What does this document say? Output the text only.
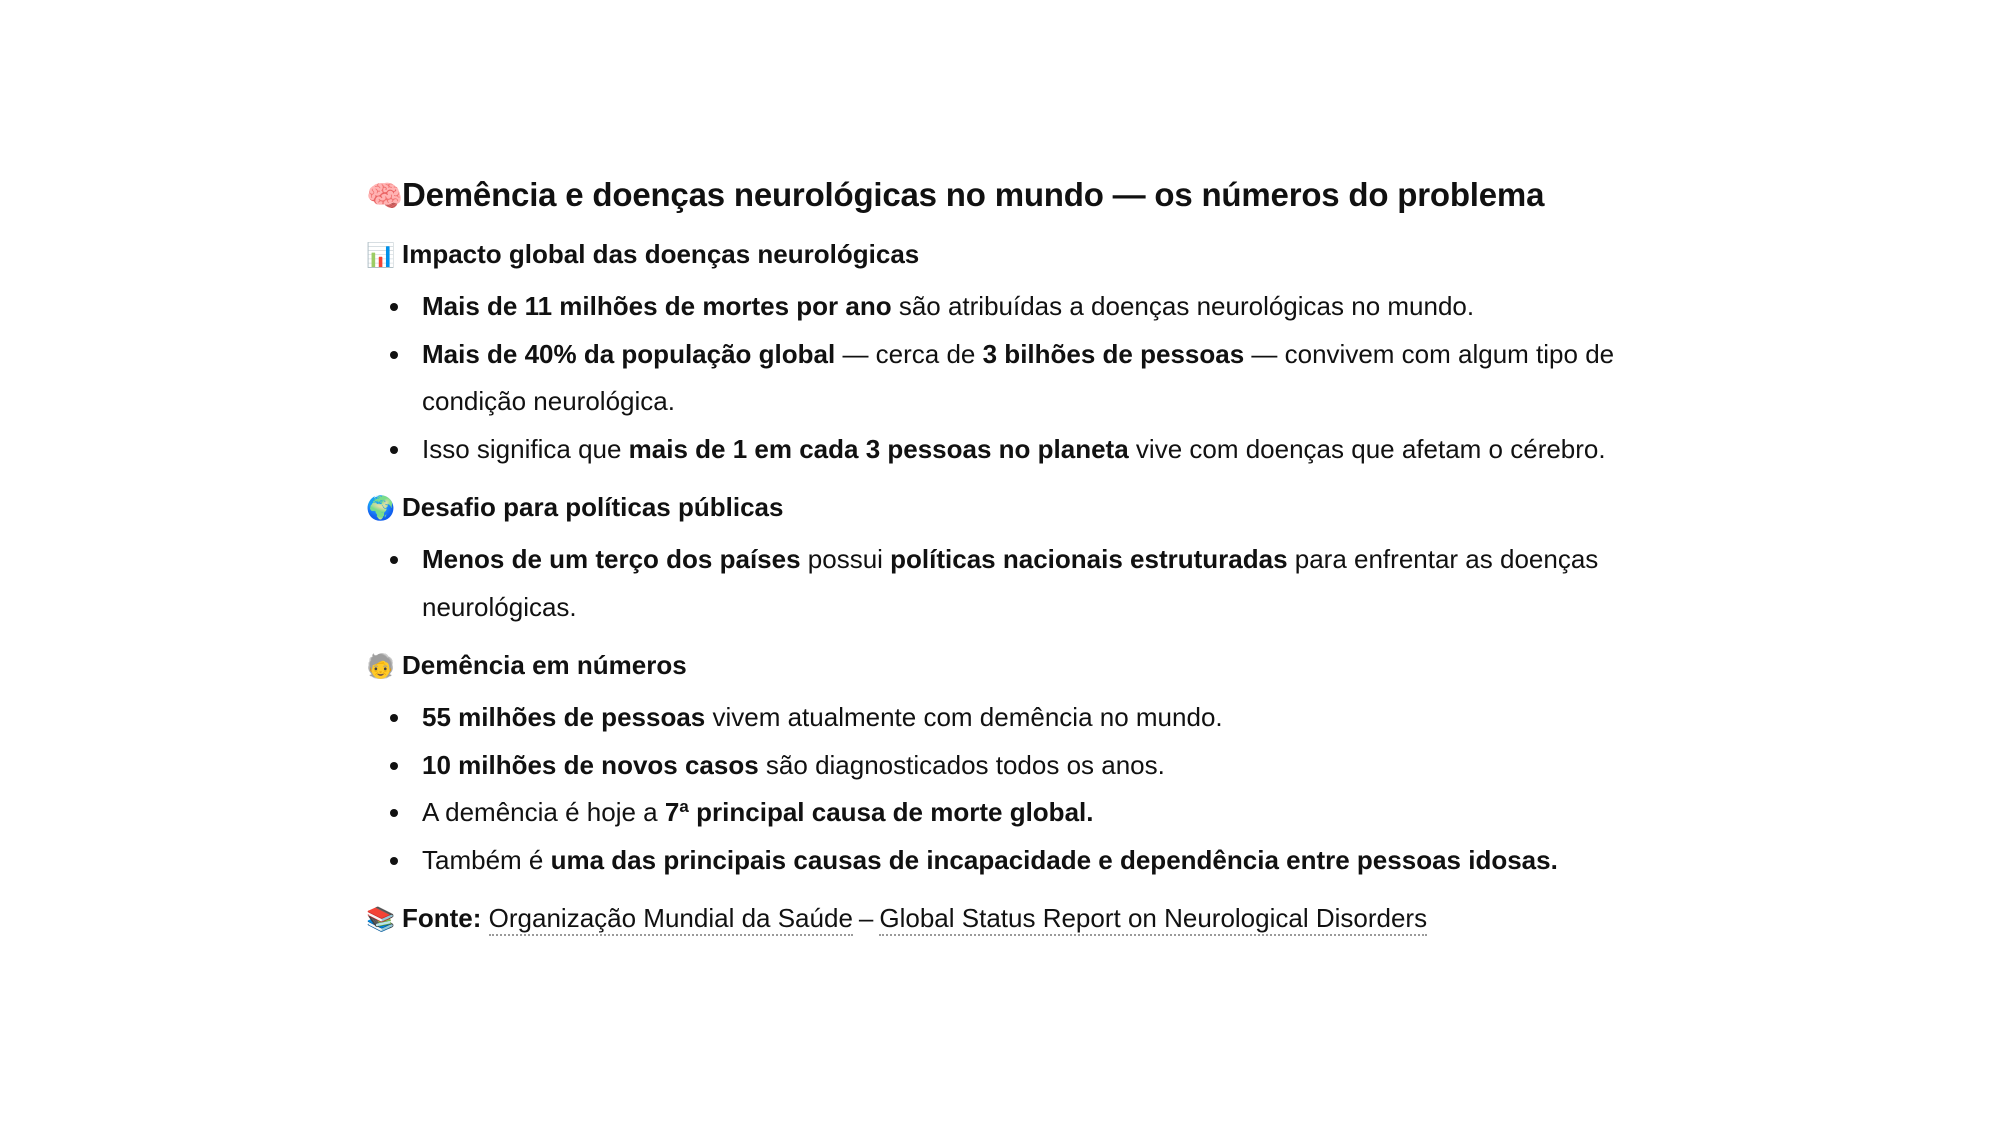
🧠Demência e doenças neurológicas no mundo — os números do problema
📊 Impacto global das doenças neurológicas
Mais de 11 milhões de mortes por ano são atribuídas a doenças neurológicas no mundo.
Mais de 40% da população global — cerca de 3 bilhões de pessoas — convivem com algum tipo de condição neurológica.
Isso significa que mais de 1 em cada 3 pessoas no planeta vive com doenças que afetam o cérebro.
🌍 Desafio para políticas públicas
Menos de um terço dos países possui políticas nacionais estruturadas para enfrentar as doenças neurológicas.
🧓 Demência em números
55 milhões de pessoas vivem atualmente com demência no mundo.
10 milhões de novos casos são diagnosticados todos os anos.
A demência é hoje a 7ª principal causa de morte global.
Também é uma das principais causas de incapacidade e dependência entre pessoas idosas.
📚 Fonte: Organização Mundial da Saúde – Global Status Report on Neurological Disorders
